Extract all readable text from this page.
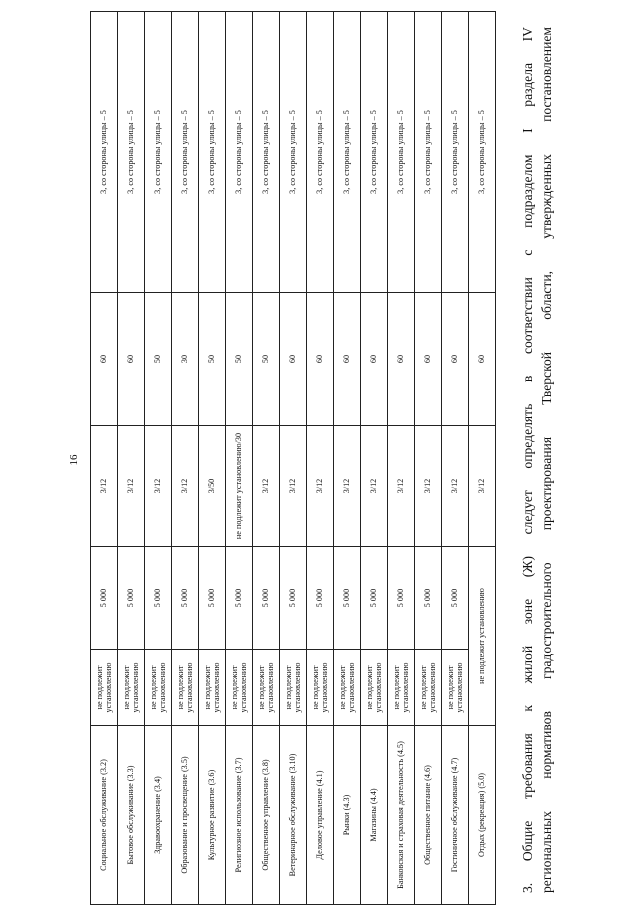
16
Социальное обслуживание (3.2)	не подлежит установлению	5 000	3/12	60	3, со стороны улицы – 5
Бытовое обслуживание (3.3)	не подлежит установлению	5 000	3/12	60	3, со стороны улицы – 5
Здравоохранение (3.4)	не подлежит установлению	5 000	3/12	50	3, со стороны улицы – 5
Образование и просвещение (3.5)	не подлежит установлению	5 000	3/12	30	3, со стороны улицы – 5
Культурное развитие (3.6)	не подлежит установлению	5 000	3/50	50	3, со стороны улицы – 5
Религиозное использование (3.7)	не подлежит установлению	5 000	не подлежит установлению/30	50	3, со стороны улицы – 5
Общественное управление (3.8)	не подлежит установлению	5 000	3/12	50	3, со стороны улицы – 5
Ветеринарное обслуживание (3.10)	не подлежит установлению	5 000	3/12	60	3, со стороны улицы – 5
Деловое управление (4.1)	не подлежит установлению	5 000	3/12	60	3, со стороны улицы – 5
Рынки (4.3)	не подлежит установлению	5 000	3/12	60	3, со стороны улицы – 5
Магазины (4.4)	не подлежит установлению	5 000	3/12	60	3, со стороны улицы – 5
Банковская и страховая деятельность (4.5)	не подлежит установлению	5 000	3/12	60	3, со стороны улицы – 5
Общественное питание (4.6)	не подлежит установлению	5 000	3/12	60	3, со стороны улицы – 5
Гостиничное обслуживание (4.7)	не подлежит установлению	5 000	3/12	60	3, со стороны улицы – 5
Отдых (рекреация) (5.0)	не подлежит установлению		3/12	60	3, со стороны улицы – 5 3. Общие требования к жилой зоне (Ж) следует определять в соответствии с подразделом I раздела IV региональных нормативов градостроительного проектирования Тверской области, утвержденных постановлением
